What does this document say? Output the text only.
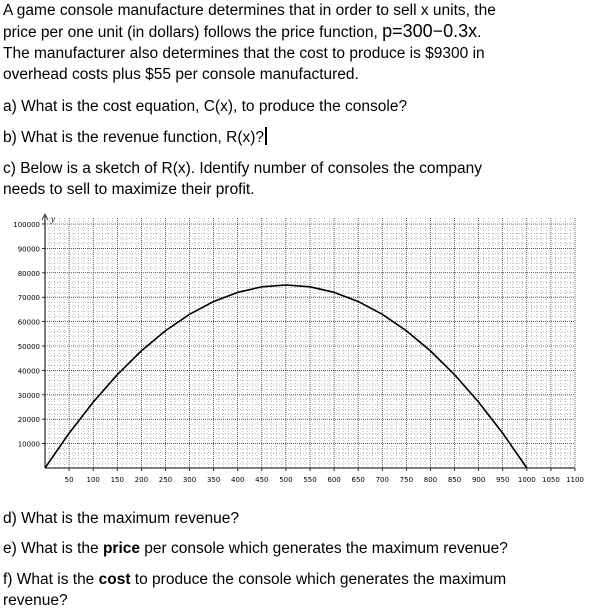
A game console manufacture determines that in order to sell x units, the
price per one unit (in dollars) follows the price function, p=300−0.3x.
The manufacturer also determines that the cost to produce is $9300 in
overhead costs plus $55 per console manufactured.
a) What is the cost equation, C(x), to produce the console?
b) What is the revenue function, R(x)?
c) Below is a sketch of R(x). Identify number of consoles the company
needs to sell to maximize their profit.
10000
20000
30000
40000
50000
60000
70000
80000
90000
100000
50 100 150 200 250 300 350 400 450 500 550 600 650 700 750 800 850 900 950 1000 1050 1100
y
d) What is the maximum revenue?
e) What is the price per console which generates the maximum revenue?
f) What is the cost to produce the console which generates the maximum
revenue?
